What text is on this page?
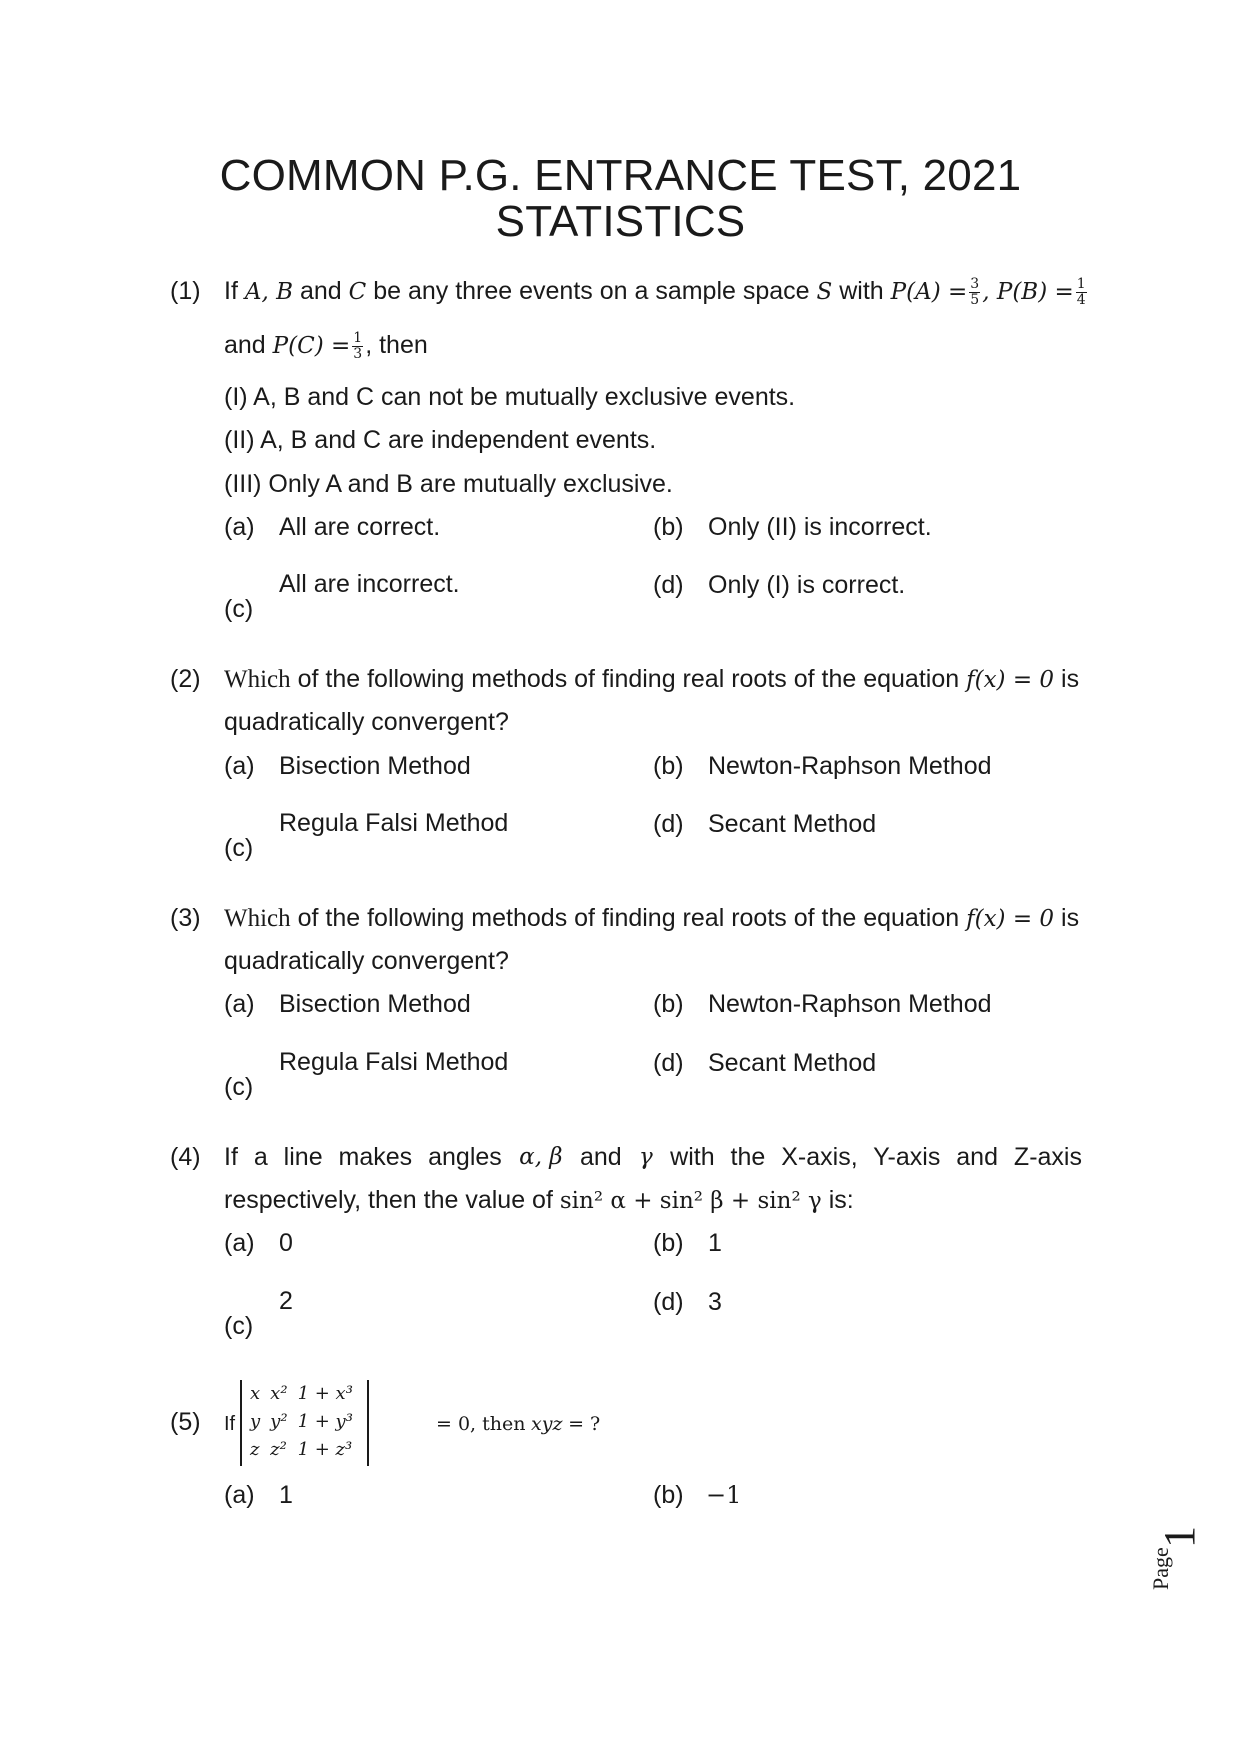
COMMON P.G. ENTRANCE TEST, 2021
STATISTICS
(1) If A, B and C be any three events on a sample space S with $P(A) = \frac{3}{5}$ , $P(B) = \frac{1}{4}$
and $P(C) = \frac{1}{3}$ , then
(I) A, B and C can not be mutually exclusive events.
(II) A, B and C are independent events.
(III) Only A and B are mutually exclusive.
(a) All are correct.	(b) Only (II) is incorrect.
(c)
All are incorrect.	(d) Only (I) is correct.
(2) Which of the following methods of finding real roots of the equation f(x) = 0 is
quadratically convergent?
(a) Bisection Method	(b) Newton-Raphson Method
(c)
Regula Falsi Method	(d) Secant Method
(3) Which of the following methods of finding real roots of the equation f(x) = 0 is
quadratically convergent?
(a) Bisection Method	(b) Newton-Raphson Method
(c)
Regula Falsi Method	(d) Secant Method
(4) If a line makes angles α, β and γ with the X-axis, Y-axis and Z-axis
respectively, then the value of sin² α + sin² β + sin² γ is:
(a) 0	(b) 1
(c)
2	(d) 3
(5) If
x	x²	1 + x³
y	y²	1 + y³
z	z²	1 + z³
= 0, then xyz = ?
(a) 1	(b) −1
Page
1
